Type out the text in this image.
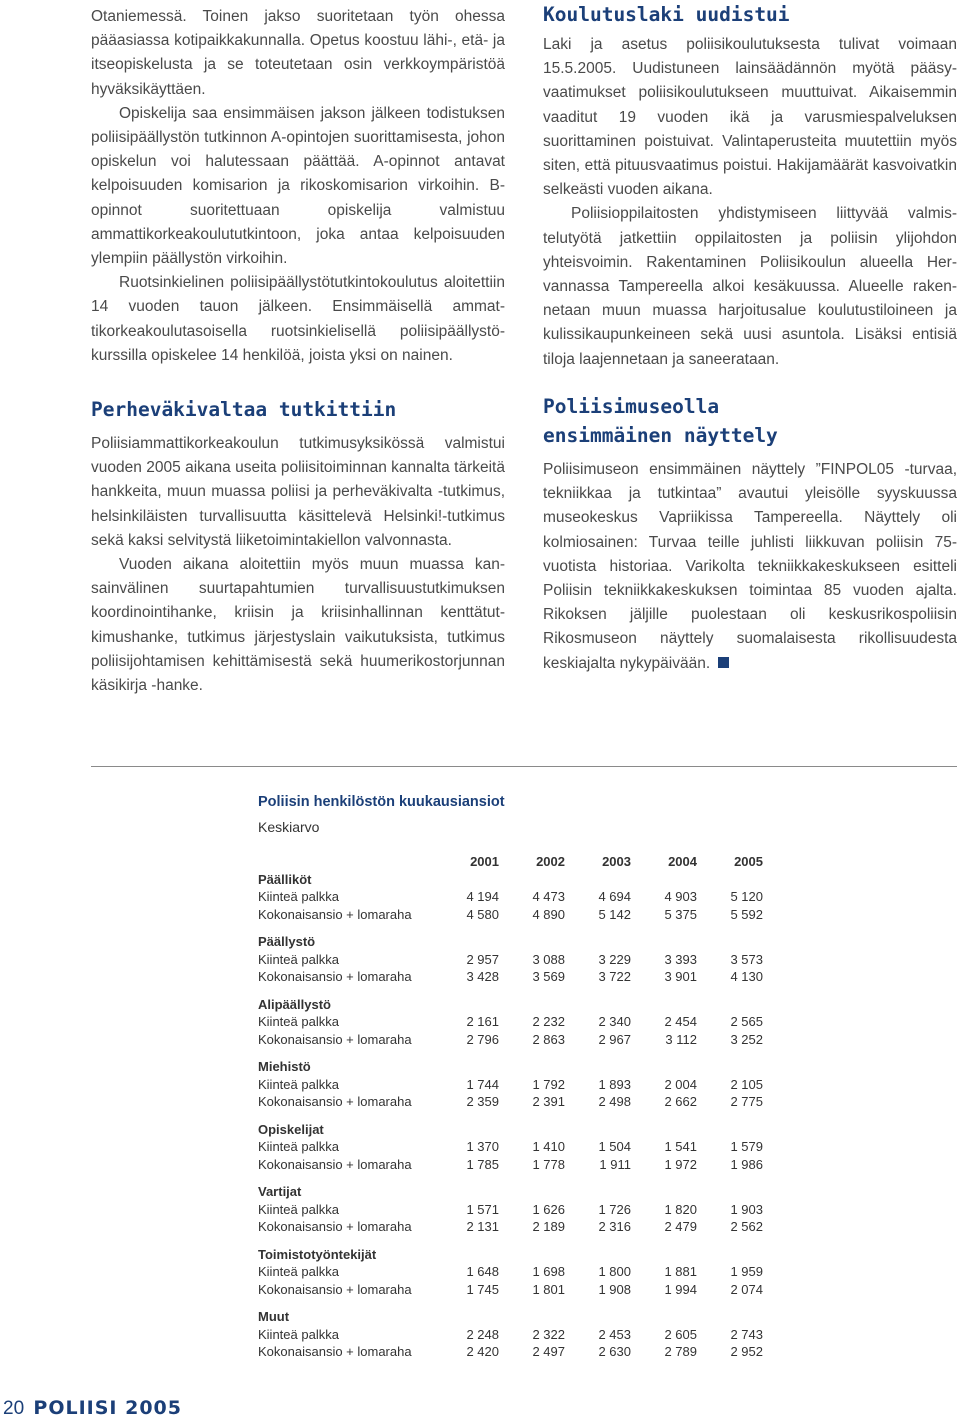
Otaniemessä. Toinen jakso suoritetaan työn ohessa pääasiassa kotipaikkakunnalla. Opetus koostuu lähi-, etä- ja itseopiskelusta ja se toteutetaan osin verkkoympäristöä hyväksikäyttäen.

Opiskelija saa ensimmäisen jakson jälkeen todistuksen poliisipäällystön tutkinnon A-opintojen suorittamisesta, johon opiskelun voi halutessaan päättää. A-opinnot antavat kelpoisuuden komisarion ja rikoskomisarion virkoihin. B-opinnot suoritettuaan opiskelija valmistuu ammattikorkeakoulututkintoon, joka antaa kelpoisuuden ylempiin päällystön virkoihin.

Ruotsinkielinen poliisipäällystötutkintokoulutus aloitettiin 14 vuoden tauon jälkeen. Ensimmäisellä ammattikorkeakoulutasoisella ruotsinkielisellä poliisipäällystökurssilla opiskelee 14 henkilöä, joista yksi on nainen.

Koulutuslaki uudistui

Laki ja asetus poliisikoulutuksesta tulivat voimaan 15.5.2005. Uudistuneen lainsäädännön myötä pääsyvaatimukset poliisikoulutukseen muuttuivat. Aikaisemmin vaaditut 19 vuoden ikä ja varusmiespalveluksen suorittaminen poistuivat. Valintaperusteita muutettiin myös siten, että pituusvaatimus poistui. Hakijamäärät kasvoivatkin selkeästi vuoden aikana.

Poliisioppilaitosten yhdistymiseen liittyvää valmistelutyötä jatkettiin oppilaitosten ja poliisin ylijohdon yhteisvoimin. Rakentaminen Poliisikoulun alueella Hervannassa Tampereella alkoi kesäkuussa. Alueelle rakennetaan muun muassa harjoitusalue koulutustiloineen ja kulissikaupunkeineen sekä uusi asuntola. Lisäksi entisiä tiloja laajennetaan ja saneerataan.

Perheväkivaltaa tutkittiin

Poliisiammattikorkeakoulun tutkimusyksikössä valmistui vuoden 2005 aikana useita poliisitoiminnan kannalta tärkeitä hankkeita, muun muassa poliisi ja perheväkivalta -tutkimus, helsinkiläisten turvallisuutta käsittelevä Helsinki!-tutkimus sekä kaksi selvitystä liiketoimintakiellon valvonnasta.

Vuoden aikana aloitettiin myös muun muassa kansainvälinen suurtapahtumien turvallisuustutkimuksen koordinointihanke, kriisin ja kriisinhallinnan kenttätutkimushanke, tutkimus järjestyslain vaikutuksista, tutkimus poliisijohtamisen kehittämisestä sekä huumerikostorjunnan käsikirja -hanke.

Poliisimuseolla
ensimmäinen näyttely

Poliisimuseon ensimmäinen näyttely ”FINPOL05 -turvaa, tekniikkaa ja tutkintaa” avautui yleisölle syyskuussa museokeskus Vapriikissa Tampereella. Näyttely oli kolmiosainen: Turvaa teille juhlisti liikkuvan poliisin 75-vuotista historiaa. Varikolta tekniikkakeskukseen esitteli Poliisin tekniikkakeskuksen toimintaa 85 vuoden ajalta. Rikoksen jäljille puolestaan oli keskusrikospoliisin Rikosmuseon näyttely suomalaisesta rikollisuudesta keskiajalta nykypäivään.

Poliisin henkilöstön kuukausiansiot
Keskiarvo
	2001	2002	2003	2004	2005
Päälliköt					
Kiinteä palkka	4 194	4 473	4 694	4 903	5 120
Kokonaisansio + lomaraha	4 580	4 890	5 142	5 375	5 592

Päällystö					
Kiinteä palkka	2 957	3 088	3 229	3 393	3 573
Kokonaisansio + lomaraha	3 428	3 569	3 722	3 901	4 130

Alipäällystö					
Kiinteä palkka	2 161	2 232	2 340	2 454	2 565
Kokonaisansio + lomaraha	2 796	2 863	2 967	3 112	3 252

Miehistö					
Kiinteä palkka	1 744	1 792	1 893	2 004	2 105
Kokonaisansio + lomaraha	2 359	2 391	2 498	2 662	2 775

Opiskelijat					
Kiinteä palkka	1 370	1 410	1 504	1 541	1 579
Kokonaisansio + lomaraha	1 785	1 778	1 911	1 972	1 986

Vartijat					
Kiinteä palkka	1 571	1 626	1 726	1 820	1 903
Kokonaisansio + lomaraha	2 131	2 189	2 316	2 479	2 562

Toimistotyöntekijät					
Kiinteä palkka	1 648	1 698	1 800	1 881	1 959
Kokonaisansio + lomaraha	1 745	1 801	1 908	1 994	2 074

Muut					
Kiinteä palkka	2 248	2 322	2 453	2 605	2 743
Kokonaisansio + lomaraha	2 420	2 497	2 630	2 789	2 952
20 POLIISI 2005
